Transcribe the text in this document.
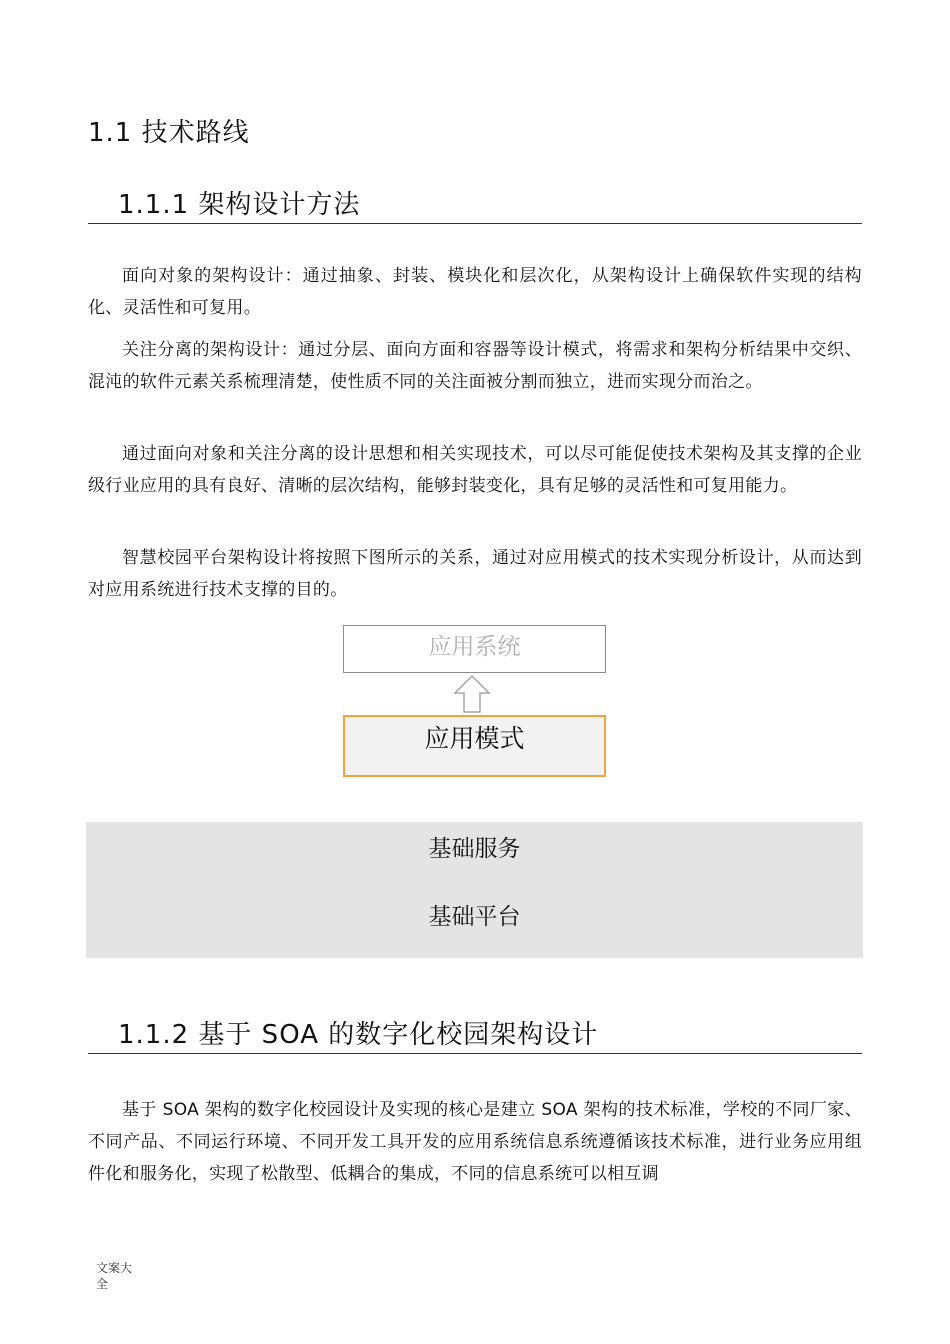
1.1 技术路线
1.1.1 架构设计方法

面向对象的架构设计：通过抽象、封装、模块化和层次化，从架构设计上确保软件实现的结构化、灵活性和可复用。

关注分离的架构设计：通过分层、面向方面和容器等设计模式，将需求和架构分析结果中交织、混沌的软件元素关系梳理清楚，使性质不同的关注面被分割而独立，进而实现分而治之。

通过面向对象和关注分离的设计思想和相关实现技术，可以尽可能促使技术架构及其支撑的企业级行业应用的具有良好、清晰的层次结构，能够封装变化，具有足够的灵活性和可复用能力。

智慧校园平台架构设计将按照下图所示的关系，通过对应用模式的技术实现分析设计，从而达到对应用系统进行技术支撑的目的。

应用系统
应用模式
基础服务
基础平台
1.1.2 基于 SOA 的数字化校园架构设计

基于 SOA 架构的数字化校园设计及实现的核心是建立 SOA 架构的技术标准，学校的不同厂家、不同产品、不同运行环境、不同开发工具开发的应用系统信息系统遵循该技术标准，进行业务应用组件化和服务化，实现了松散型、低耦合的集成，不同的信息系统可以相互调

文案大全
